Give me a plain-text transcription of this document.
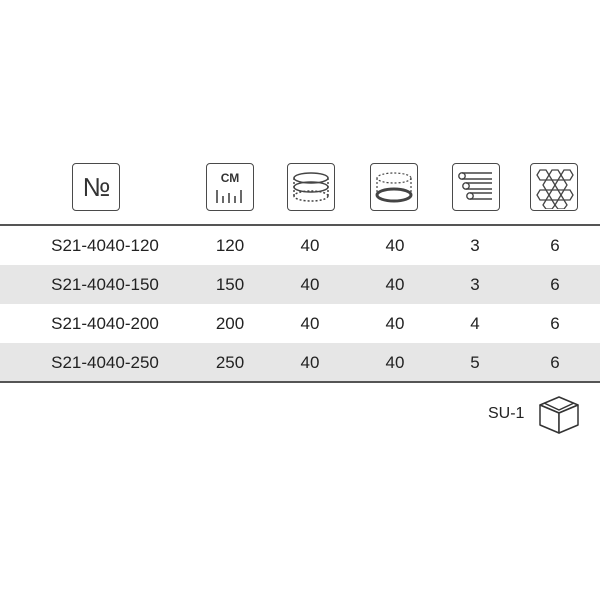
№	СМ
S21-4040-120	120	40	40	3	6
S21-4040-150	150	40	40	3	6
S21-4040-200	200	40	40	4	6
S21-4040-250	250	40	40	5	6
SU-1
